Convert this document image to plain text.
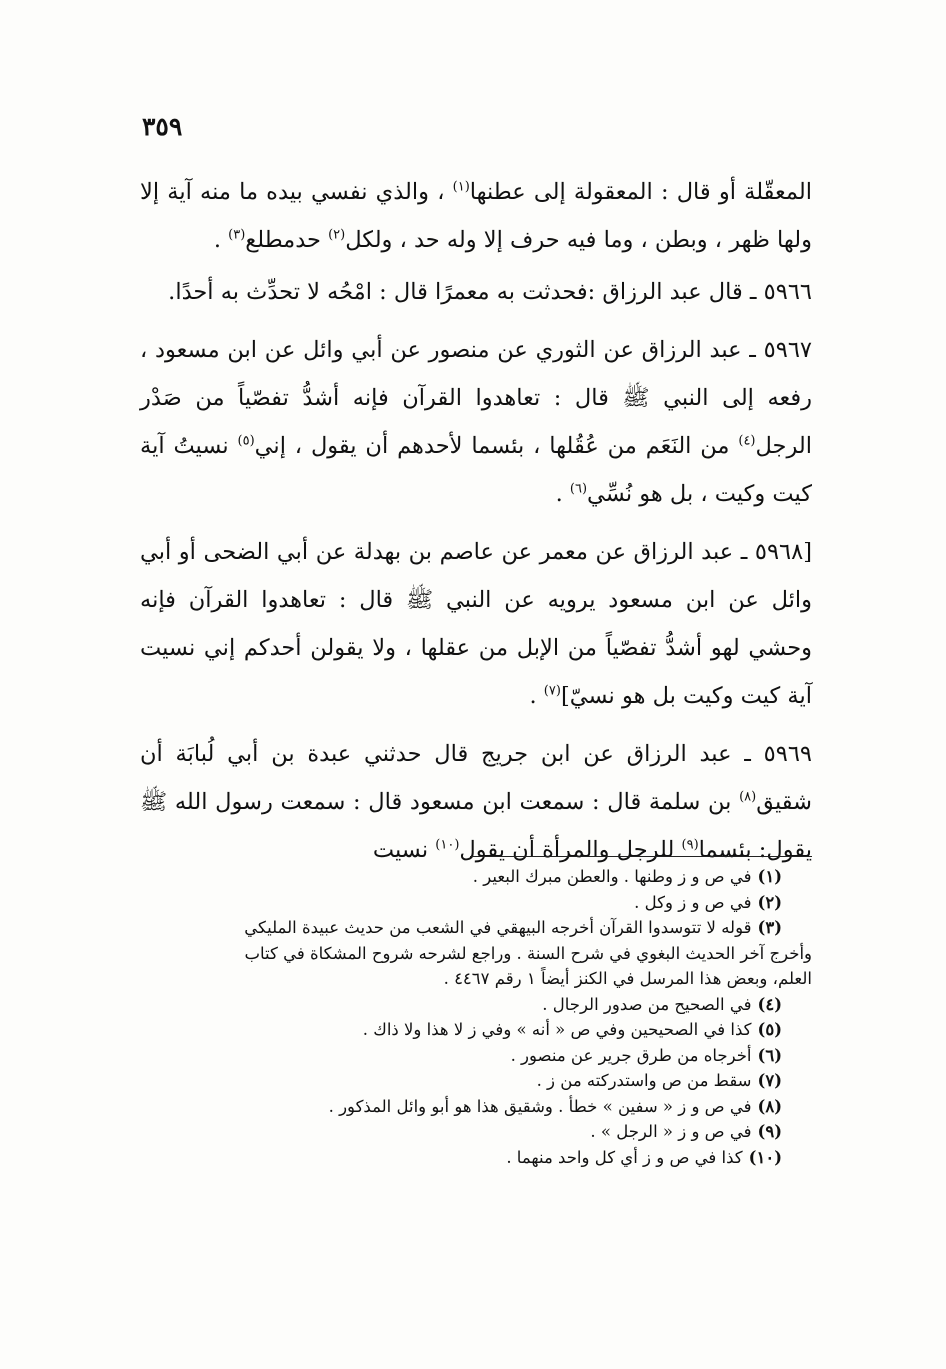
٣٥٩

المعقّلة أو قال : المعقولة إلى عطنها$^{(١)}$ ، والذي نفسي بيده ما منه آية إلا ولها ظهر ، وبطن ، وما فيه حرف إلا وله حد ، ولكل$^{(٢)}$ حدمطلع$^{(٣)}$ .

٥٩٦٦ ـ قال عبد الرزاق :فحدثت به معمرًا قال : امْحُه لا تحدِّث به أحدًا.

٥٩٦٧ ـ عبد الرزاق عن الثوري عن منصور عن أبي وائل عن ابن مسعود ، رفعه إلى النبي ﷺ قال : تعاهدوا القرآن فإنه أشدُّ تفصّياً من صَدْر الرجل$^{(٤)}$ من النَعَم من عُقُلها ، بئسما لأحدهم أن يقول ، إني$^{(٥)}$ نسيتُ آية كيت وكيت ، بل هو نُسِّي$^{(٦)}$ .

[٥٩٦٨ ـ عبد الرزاق عن معمر عن عاصم بن بهدلة عن أبي الضحى أو أبي وائل عن ابن مسعود يرويه عن النبي ﷺ قال : تعاهدوا القرآن فإنه وحشي لهو أشدُّ تفصّياً من الإبل من عقلها ، ولا يقولن أحدكم إني نسيت آية كيت وكيت بل هو نسيّ]$^{(٧)}$ .

٥٩٦٩ ـ عبد الرزاق عن ابن جريج قال حدثني عبدة بن أبي لُبابَة أن شقيق$^{(٨)}$ بن سلمة قال : سمعت ابن مسعود قال : سمعت رسول الله ﷺ يقول: بئسما$^{(٩)}$ للرجل والمرأة أن يقول$^{(١٠)}$ نسيت

(١)في ص و ز وطنها . والعطن مبرك البعير .
(٢)في ص و ز وكل .
(٣)قوله لا تتوسدوا القرآن أخرجه البيهقي في الشعب من حديث عبيدة المليكي
وأخرج آخر الحديث البغوي في شرح السنة . وراجع لشرحه شروح المشكاة في كتاب
العلم، وبعض هذا المرسل في الكنز أيضاً ١ رقم ٤٤٦٧ .
(٤)في الصحيح من صدور الرجال .
(٥)كذا في الصحيحين وفي ص « أنه » وفي ز لا هذا ولا ذاك .
(٦)أخرجاه من طرق جرير عن منصور .
(٧)سقط من ص واستدركته من ز .
(٨)في ص و ز « سفين » خطأ . وشقيق هذا هو أبو وائل المذكور .
(٩)في ص و ز « الرجل » .
(١٠)كذا في ص و ز أي كل واحد منهما .
